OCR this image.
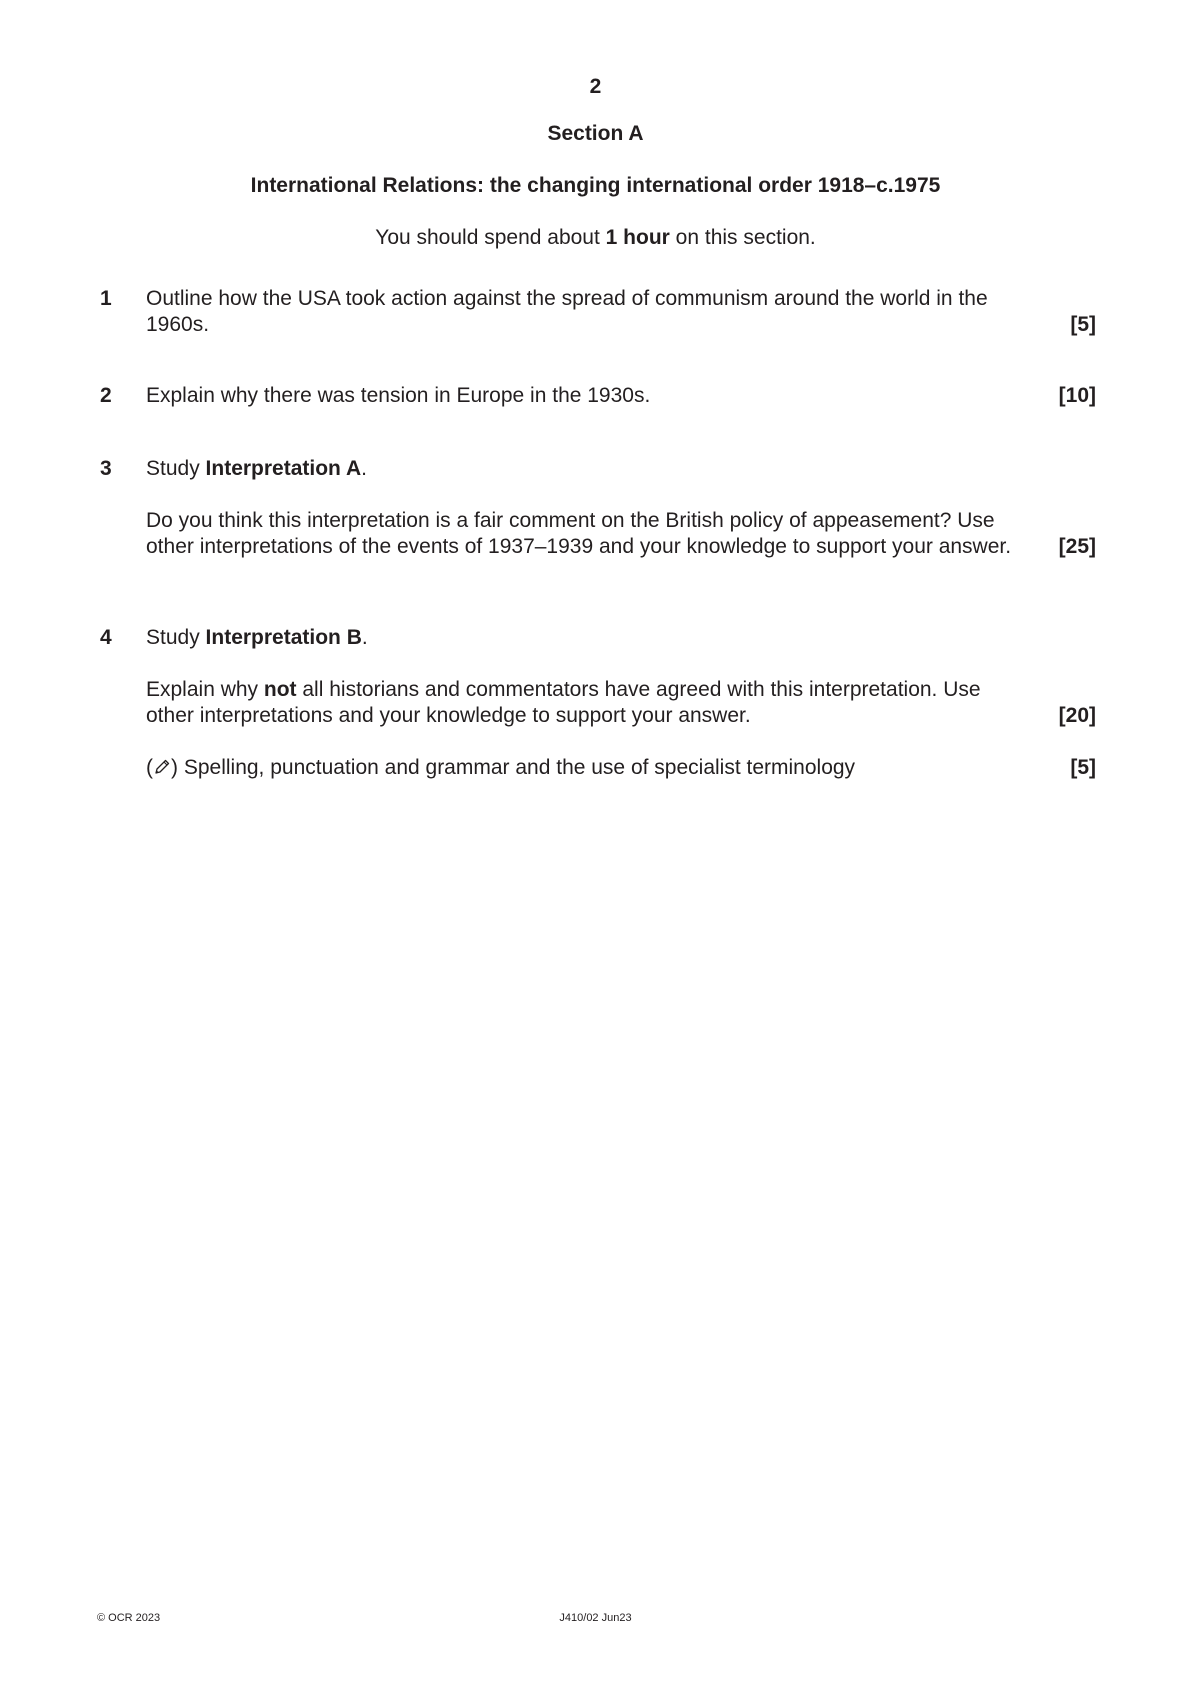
2
Section A
International Relations: the changing international order 1918–c.1975
You should spend about 1 hour on this section.
1 Outline how the USA took action against the spread of communism around the world in the 1960s.	[5]
2 Explain why there was tension in Europe in the 1930s.	[10]
3 Study Interpretation A.
Do you think this interpretation is a fair comment on the British policy of appeasement? Use other interpretations of the events of 1937–1939 and your knowledge to support your answer.	[25]
4 Study Interpretation B.
Explain why not all historians and commentators have agreed with this interpretation. Use other interpretations and your knowledge to support your answer.	[20]
( ) Spelling, punctuation and grammar and the use of specialist terminology	[5]
© OCR 2023	J410/02 Jun23
